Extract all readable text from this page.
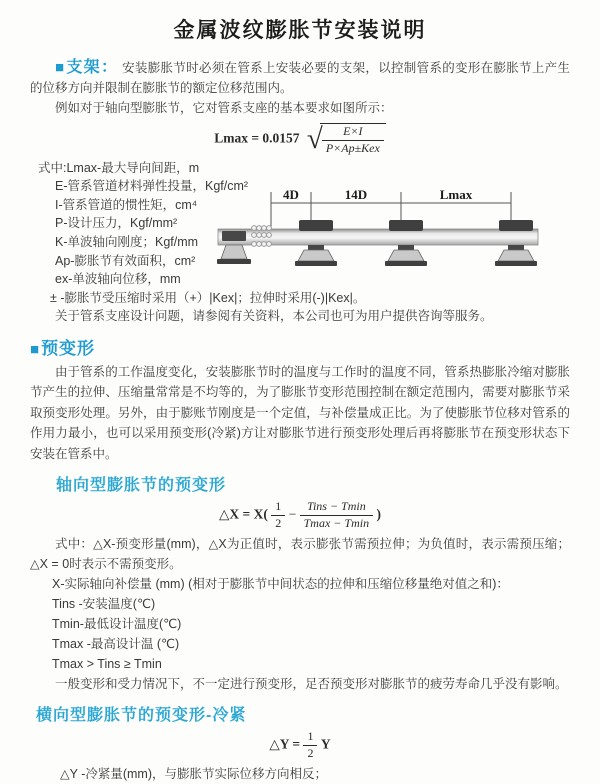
金属波纹膨胀节安装说明

■支架： 安装膨胀节时必须在管系上安装必要的支架，以控制管系的变形在膨胀节上产生的位移方向并限制在膨胀节的额定位移范围内。

例如对于轴向型膨胀节，它对管系支座的基本要求如图所示：

Lmax = 0.0157 √ $\frac{E\times I}{\text{P×Ap±Kex}}$
式中:Lmax-最大导向间距，m
E-管系管道材料弹性投量，Kgf/cm²
I-管系管道的惯性矩，cm⁴
P-设计压力，Kgf/mm²
K-单波轴向刚度；Kgf/mm
Ap-膨胀节有效面积，cm²
ex-单波轴向位移，mm
± -膨胀节受压缩时采用（+）|Kex|；拉伸时采用(-)|Kex|。
关于管系支座设计问题，请参阅有关资料，本公司也可为用户提供咨询等服务。
4D	14D	Lmax
■预变形

由于管系的工作温度变化，安装膨胀节时的温度与工作时的温度不同，管系热膨胀冷缩对膨胀节产生的拉伸、压缩量常常是不均等的，为了膨胀节变形范围控制在额定范围内，需要对膨胀节采取预变形处理。另外，由于膨账节刚度是一个定值，与补偿量成正比。为了使膨胀节位移对管系的作用力最小，也可以采用预变形(冷紧)方让对膨胀节进行预变形处理后再将膨胀节在预变形状态下安装在管系中。

轴向型膨胀节的预变形
△X = $X( \frac{1}{2} - \frac{\text{Tins − Tmin}}{Tmax - Tmin}$ )

式中：△X-预变形量(mm)，△X为正值时，表示膨张节需预拉伸；为负值时，表示需预压缩；△X = 0时表示不需预变形。

X-实际轴向补偿量 (mm) (相对于膨胀节中间状态的拉伸和压缩位移量绝对值之和)：
Tins -安装温度(℃)
Tmin-最低设计温度(℃)
Tmax -最高设计温 (℃)
Tmax > Tins ≥ Tmin

一般变形和受力情况下，不一定进行预变形，足否预变形对膨胀节的疲劳寿命几乎没有影响。

横向型膨胀节的预变形-冷紧
△Y = $\frac{1}{2}$ Y
△Y -冷紧量(mm)，与膨胀节实际位移方向相反；
